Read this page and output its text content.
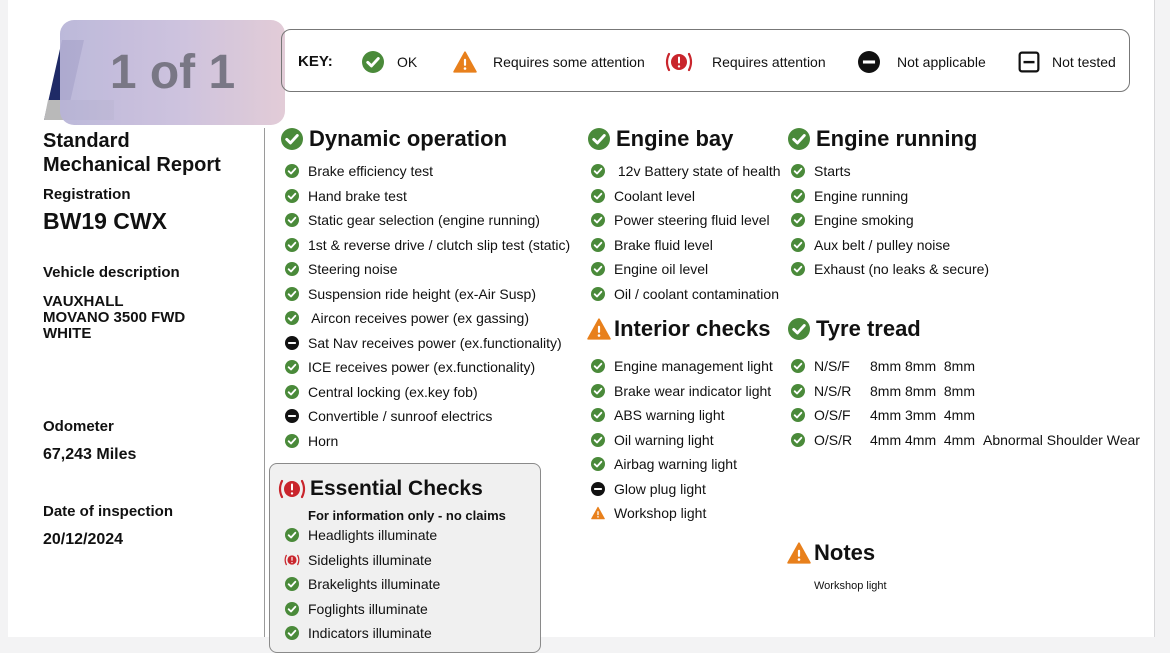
1 of 1
Standard
Mechanical Report
Registration
BW19 CWX
Vehicle description
VAUXHALL
MOVANO 3500 FWD
WHITE
Odometer
67,243 Miles
Date of inspection
20/12/2024
KEY:	OK	Requires some attention	Requires attention	Not applicable	Not tested
Dynamic operation
Brake efficiency test
Hand brake test
Static gear selection (engine running)
1st & reverse drive / clutch slip test (static)
Steering noise
Suspension ride height (ex-Air Susp)
Aircon receives power (ex gassing)
Sat Nav receives power (ex.functionality)
ICE receives power (ex.functionality)
Central locking (ex.key fob)
Convertible / sunroof electrics
Horn
Essential Checks
For information only - no claims
Headlights illuminate
Sidelights illuminate
Brakelights illuminate
Foglights illuminate
Indicators illuminate
Engine bay
12v Battery state of health
Coolant level
Power steering fluid level
Brake fluid level
Engine oil level
Oil / coolant contamination
Interior checks
Engine management light
Brake wear indicator light
ABS warning light
Oil warning light
Airbag warning light
Glow plug light
Workshop light
Engine running
Starts
Engine running
Engine smoking
Aux belt / pulley noise
Exhaust (no leaks & secure)
Tyre tread
N/S/F	8mm 8mm  8mm
N/S/R	8mm 8mm  8mm
O/S/F	4mm 3mm  4mm
O/S/R	4mm 4mm  4mm Abnormal Shoulder Wear
Notes
Workshop light
